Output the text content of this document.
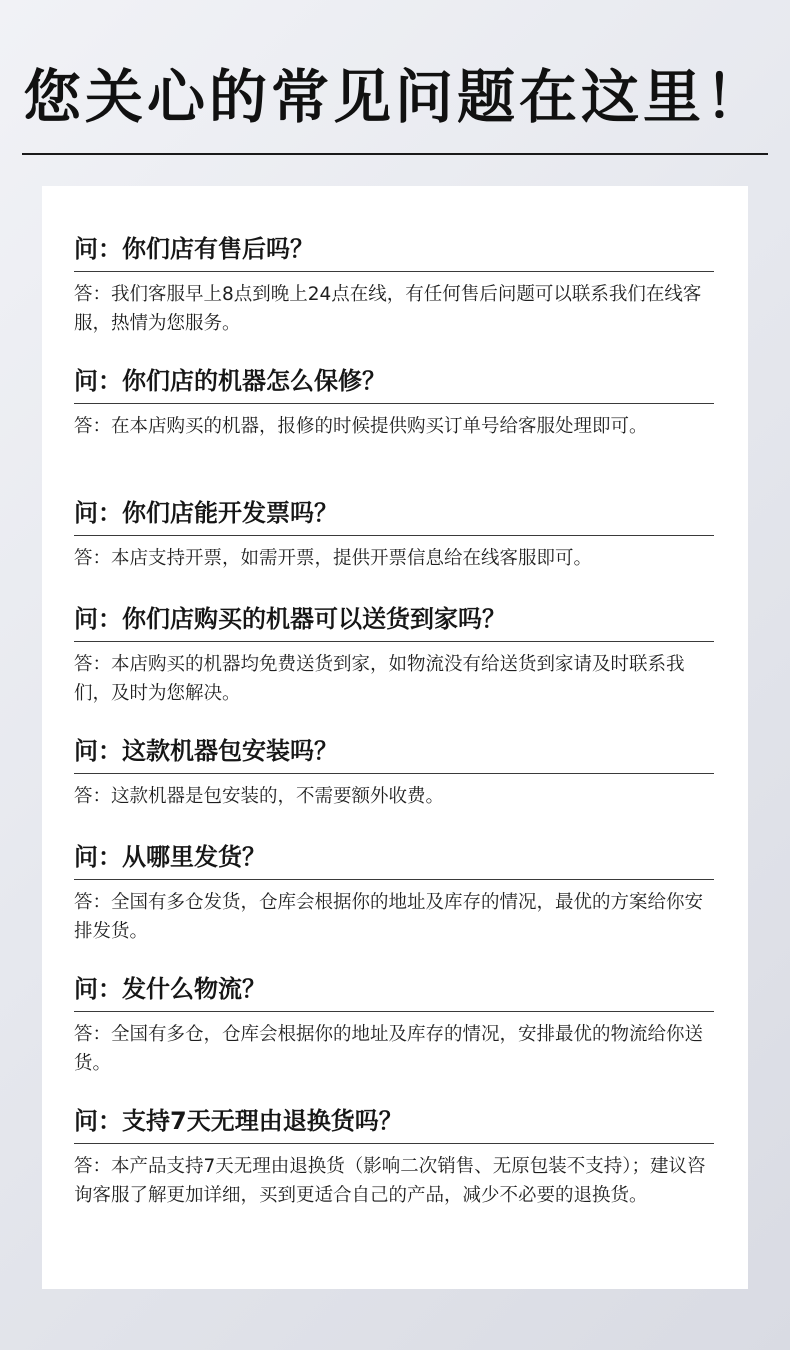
您关心的常见问题在这里！
问：你们店有售后吗？
答：我们客服早上8点到晚上24点在线，有任何售后问题可以联系我们在线客服，热情为您服务。
问：你们店的机器怎么保修？
答：在本店购买的机器，报修的时候提供购买订单号给客服处理即可。
问：你们店能开发票吗？
答：本店支持开票，如需开票，提供开票信息给在线客服即可。
问：你们店购买的机器可以送货到家吗？
答：本店购买的机器均免费送货到家，如物流没有给送货到家请及时联系我们，及时为您解决。
问：这款机器包安装吗？
答：这款机器是包安装的，不需要额外收费。
问：从哪里发货？
答：全国有多仓发货，仓库会根据你的地址及库存的情况，最优的方案给你安排发货。
问：发什么物流？
答：全国有多仓，仓库会根据你的地址及库存的情况，安排最优的物流给你送货。
问：支持7天无理由退换货吗？
答：本产品支持7天无理由退换货（影响二次销售、无原包装不支持）；建议咨询客服了解更加详细，买到更适合自己的产品，减少不必要的退换货。
